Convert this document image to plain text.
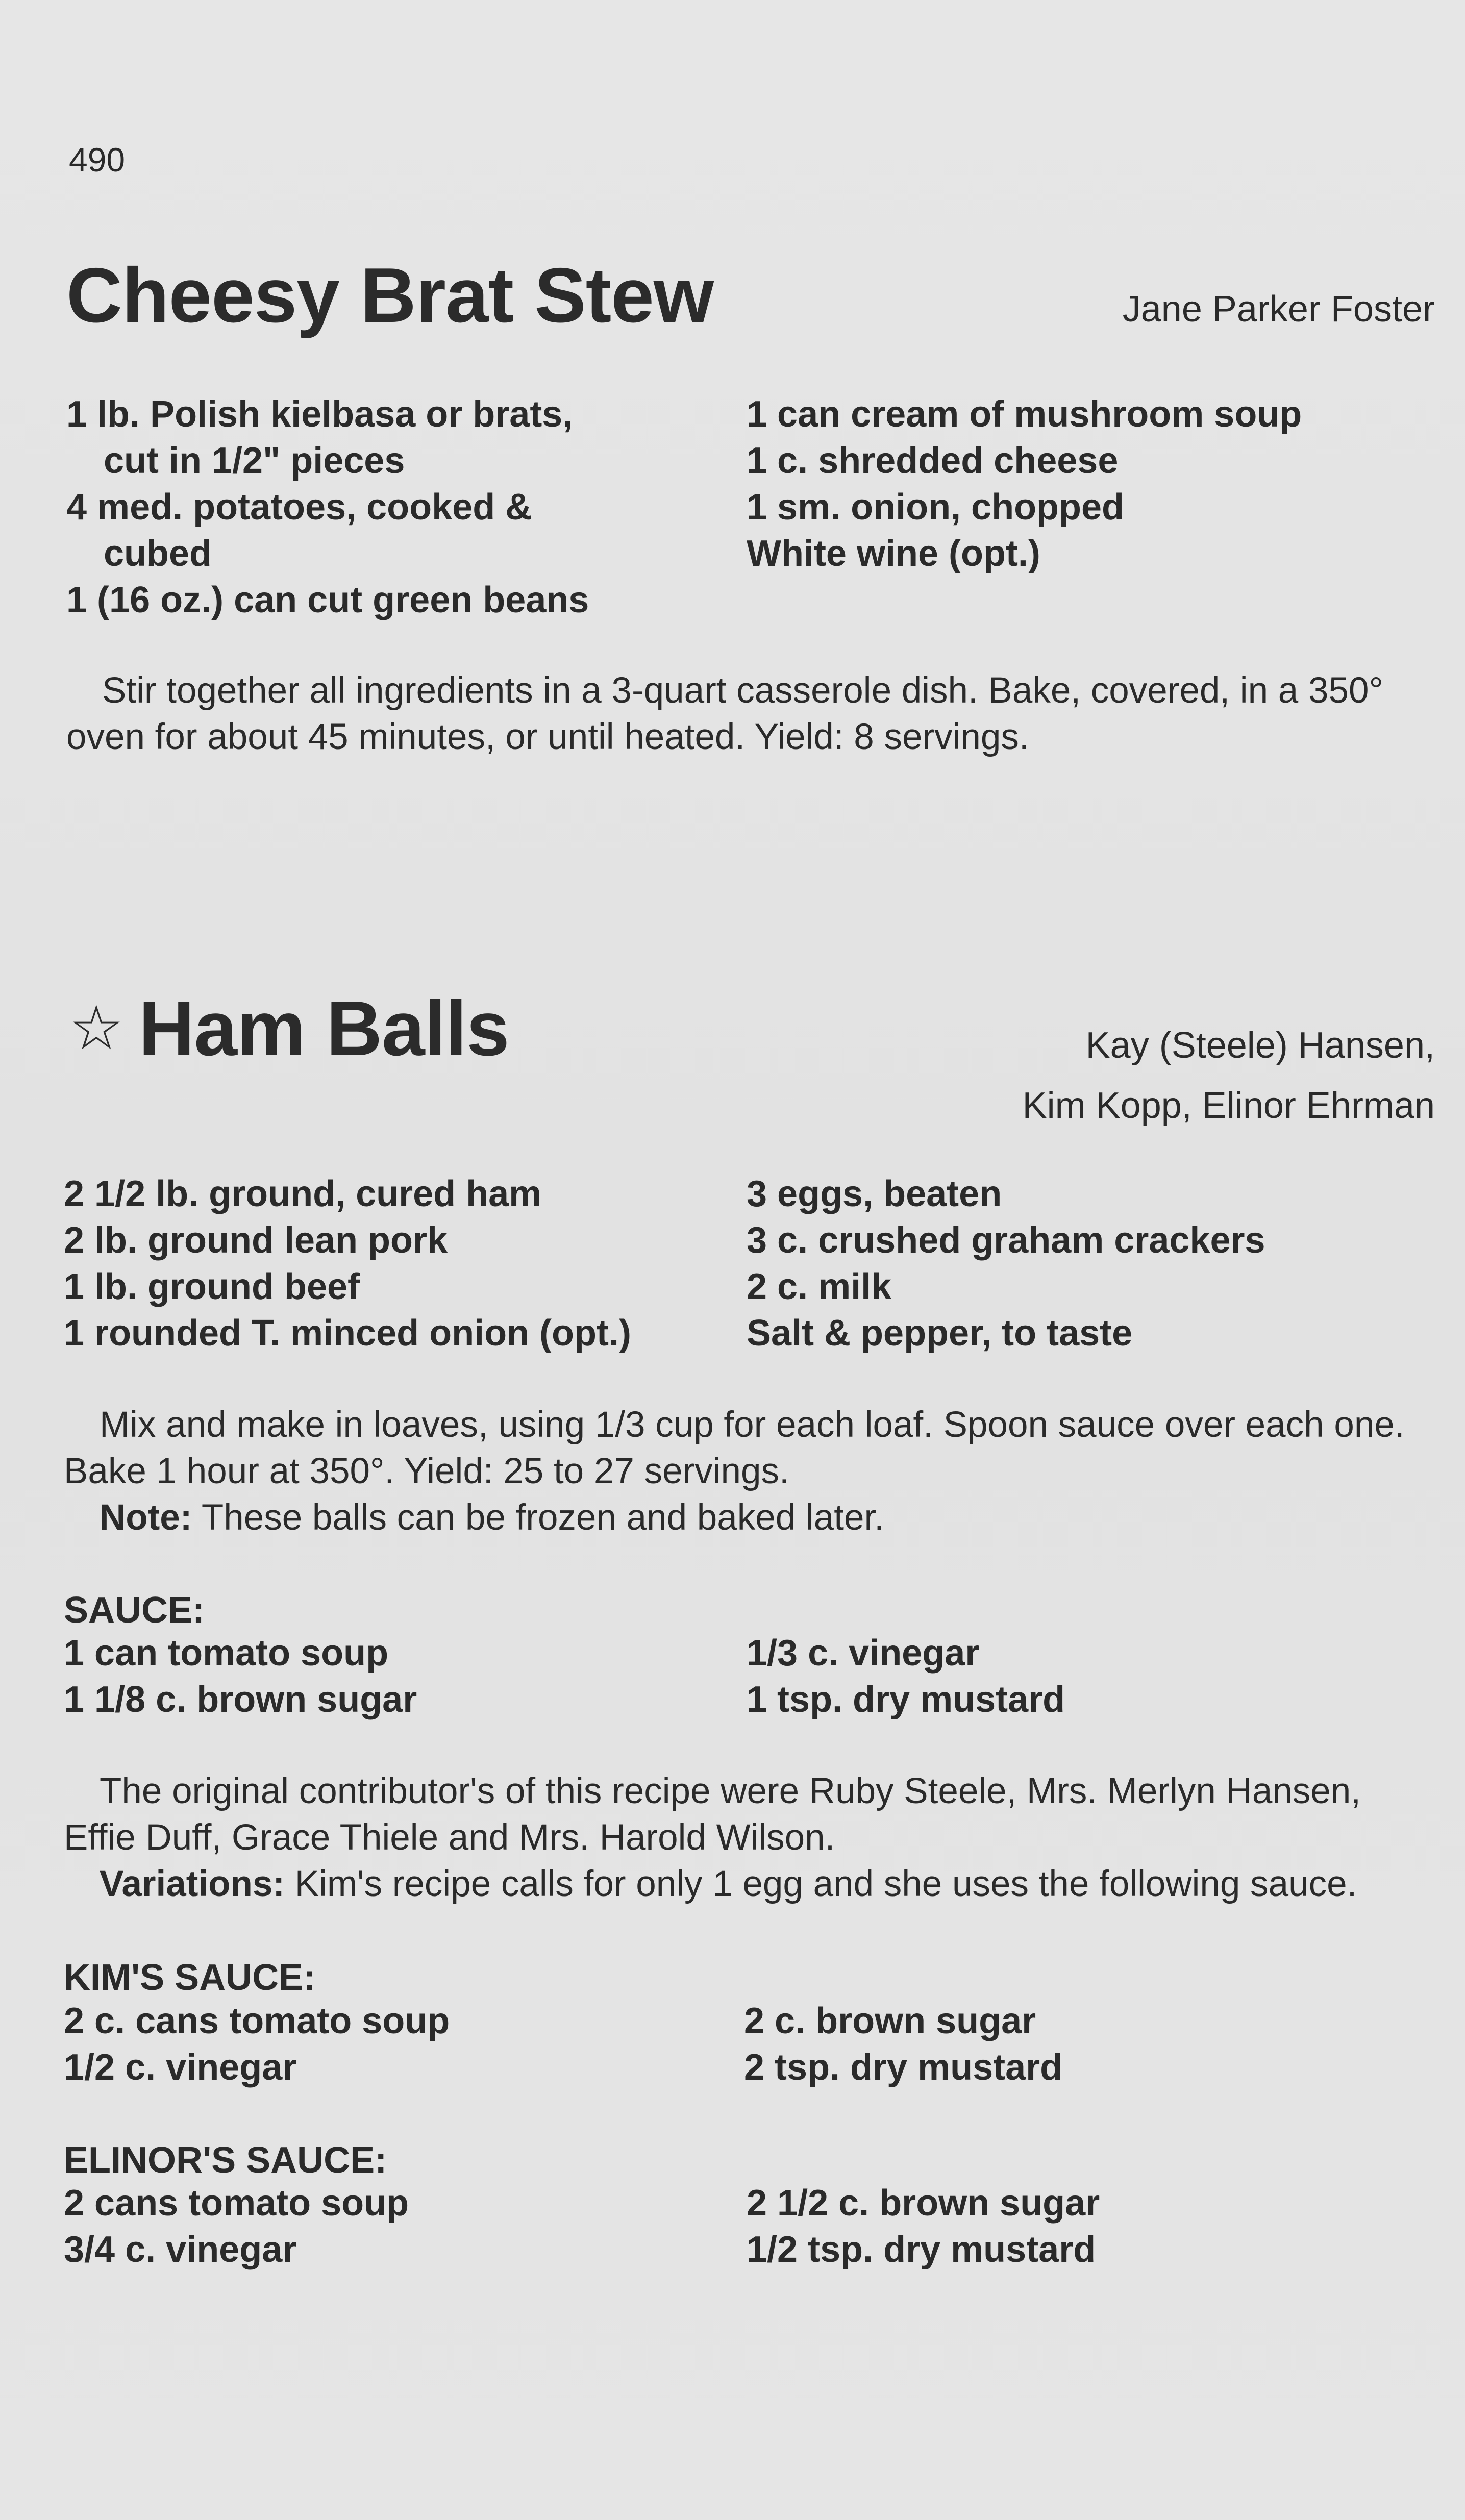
490
Cheesy Brat Stew	Jane Parker Foster
1 lb. Polish kielbasa or brats,
cut in 1/2" pieces
4 med. potatoes, cooked &
cubed
1 (16 oz.) can cut green beans
1 can cream of mushroom soup
1 c. shredded cheese
1 sm. onion, chopped
White wine (opt.)
Stir together all ingredients in a 3-quart casserole dish. Bake, covered, in a 350° oven for about 45 minutes, or until heated. Yield: 8 servings.
☆ Ham Balls	Kay (Steele) Hansen,
Kim Kopp, Elinor Ehrman
2 1/2 lb. ground, cured ham
2 lb. ground lean pork
1 lb. ground beef
1 rounded T. minced onion (opt.)
3 eggs, beaten
3 c. crushed graham crackers
2 c. milk
Salt & pepper, to taste
Mix and make in loaves, using 1/3 cup for each loaf. Spoon sauce over each one. Bake 1 hour at 350°. Yield: 25 to 27 servings.
Note: These balls can be frozen and baked later.
SAUCE:
1 can tomato soup
1 1/8 c. brown sugar
1/3 c. vinegar
1 tsp. dry mustard
The original contributor's of this recipe were Ruby Steele, Mrs. Merlyn Hansen, Effie Duff, Grace Thiele and Mrs. Harold Wilson.
Variations: Kim's recipe calls for only 1 egg and she uses the following sauce.
KIM'S SAUCE:
2 c. cans tomato soup
1/2 c. vinegar
2 c. brown sugar
2 tsp. dry mustard
ELINOR'S SAUCE:
2 cans tomato soup
3/4 c. vinegar
2 1/2 c. brown sugar
1/2 tsp. dry mustard
